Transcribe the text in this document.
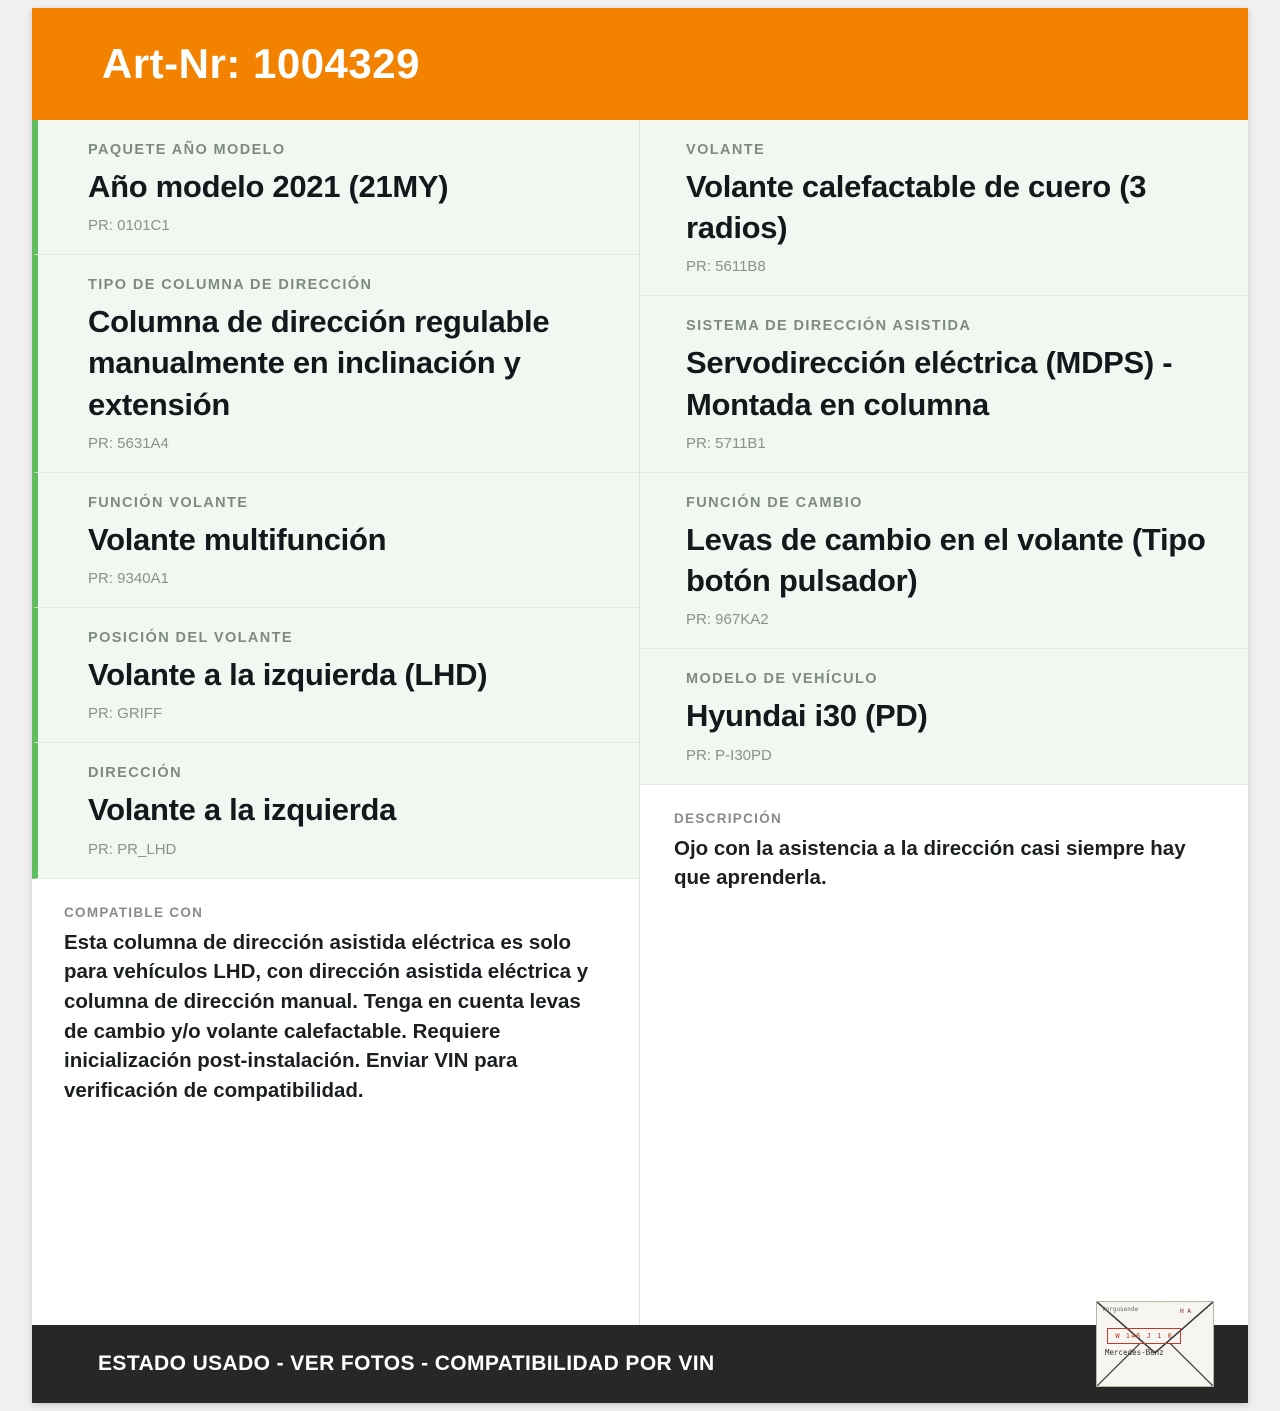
Art-Nr: 1004329
PAQUETE AÑO MODELO
Año modelo 2021 (21MY)
PR: 0101C1
TIPO DE COLUMNA DE DIRECCIÓN
Columna de dirección regulable manualmente en inclinación y extensión
PR: 5631A4
FUNCIÓN VOLANTE
Volante multifunción
PR: 9340A1
POSICIÓN DEL VOLANTE
Volante a la izquierda (LHD)
PR: GRIFF
DIRECCIÓN
Volante a la izquierda
PR: PR_LHD
COMPATIBLE CON
Esta columna de dirección asistida eléctrica es solo para vehículos LHD, con dirección asistida eléctrica y columna de dirección manual. Tenga en cuenta levas de cambio y/o volante calefactable. Requiere inicialización post-instalación. Enviar VIN para verificación de compatibilidad.
VOLANTE
Volante calefactable de cuero (3 radios)
PR: 5611B8
SISTEMA DE DIRECCIÓN ASISTIDA
Servodirección eléctrica (MDPS) - Montada en columna
PR: 5711B1
FUNCIÓN DE CAMBIO
Levas de cambio en el volante (Tipo botón pulsador)
PR: 967KA2
MODELO DE VEHÍCULO
Hyundai i30 (PD)
PR: P-I30PD
DESCRIPCIÓN
Ojo con la asistencia a la dirección casi siempre hay que aprenderla.
ESTADO USADO - VER FOTOS - COMPATIBILIDAD POR VIN
Vorgusende	H A
W 146 J 1 0
Mercedes-Benz
